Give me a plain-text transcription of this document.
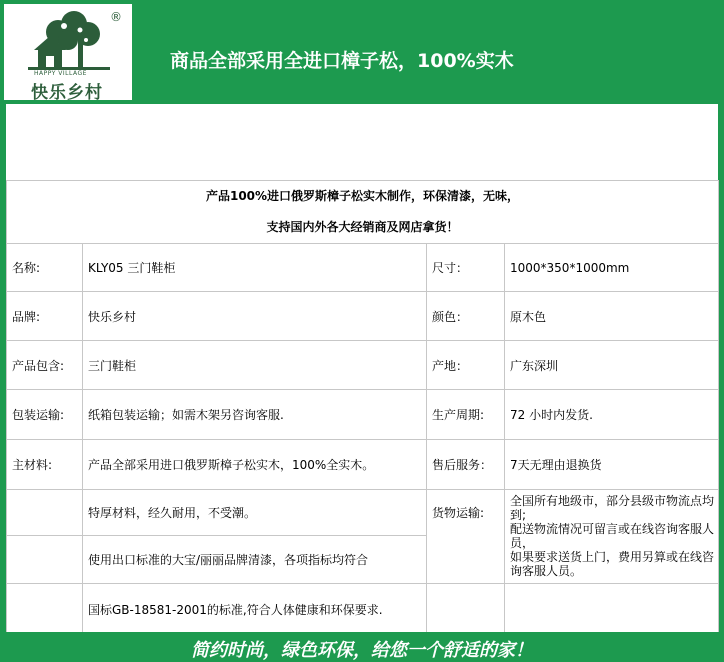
®
HAPPY VILLAGE
快乐乡村
商品全部采用全进口樟子松，100%实木
产品100%进口俄罗斯樟子松实木制作，环保清漆，无味，
支持国内外各大经销商及网店拿货！			

名称:	KLY05 三门鞋柜	尺寸：	1000*350*1000mm
品牌:	快乐乡村	颜色：	原木色
产品包含:	三门鞋柜	产地：	广东深圳
包装运输:	纸箱包装运输；如需木架另咨询客服.	生产周期:	72 小时内发货.
主材料:	产品全部采用进口俄罗斯樟子松实木，100%全实木。	售后服务：	7天无理由退换货
	特厚材料，经久耐用，不受潮。	货物运输:	全国所有地级市，部分县级市物流点均到;
配送物流情况可留言或在线咨询客服人员，
如果要求送货上门，费用另算或在线咨询客服人员。

	使用出口标准的大宝/丽丽品牌清漆，各项指标均符合		
	国标GB-18581-2001的标准,符合人体健康和环保要求.		
简约时尚，绿色环保，给您一个舒适的家！
